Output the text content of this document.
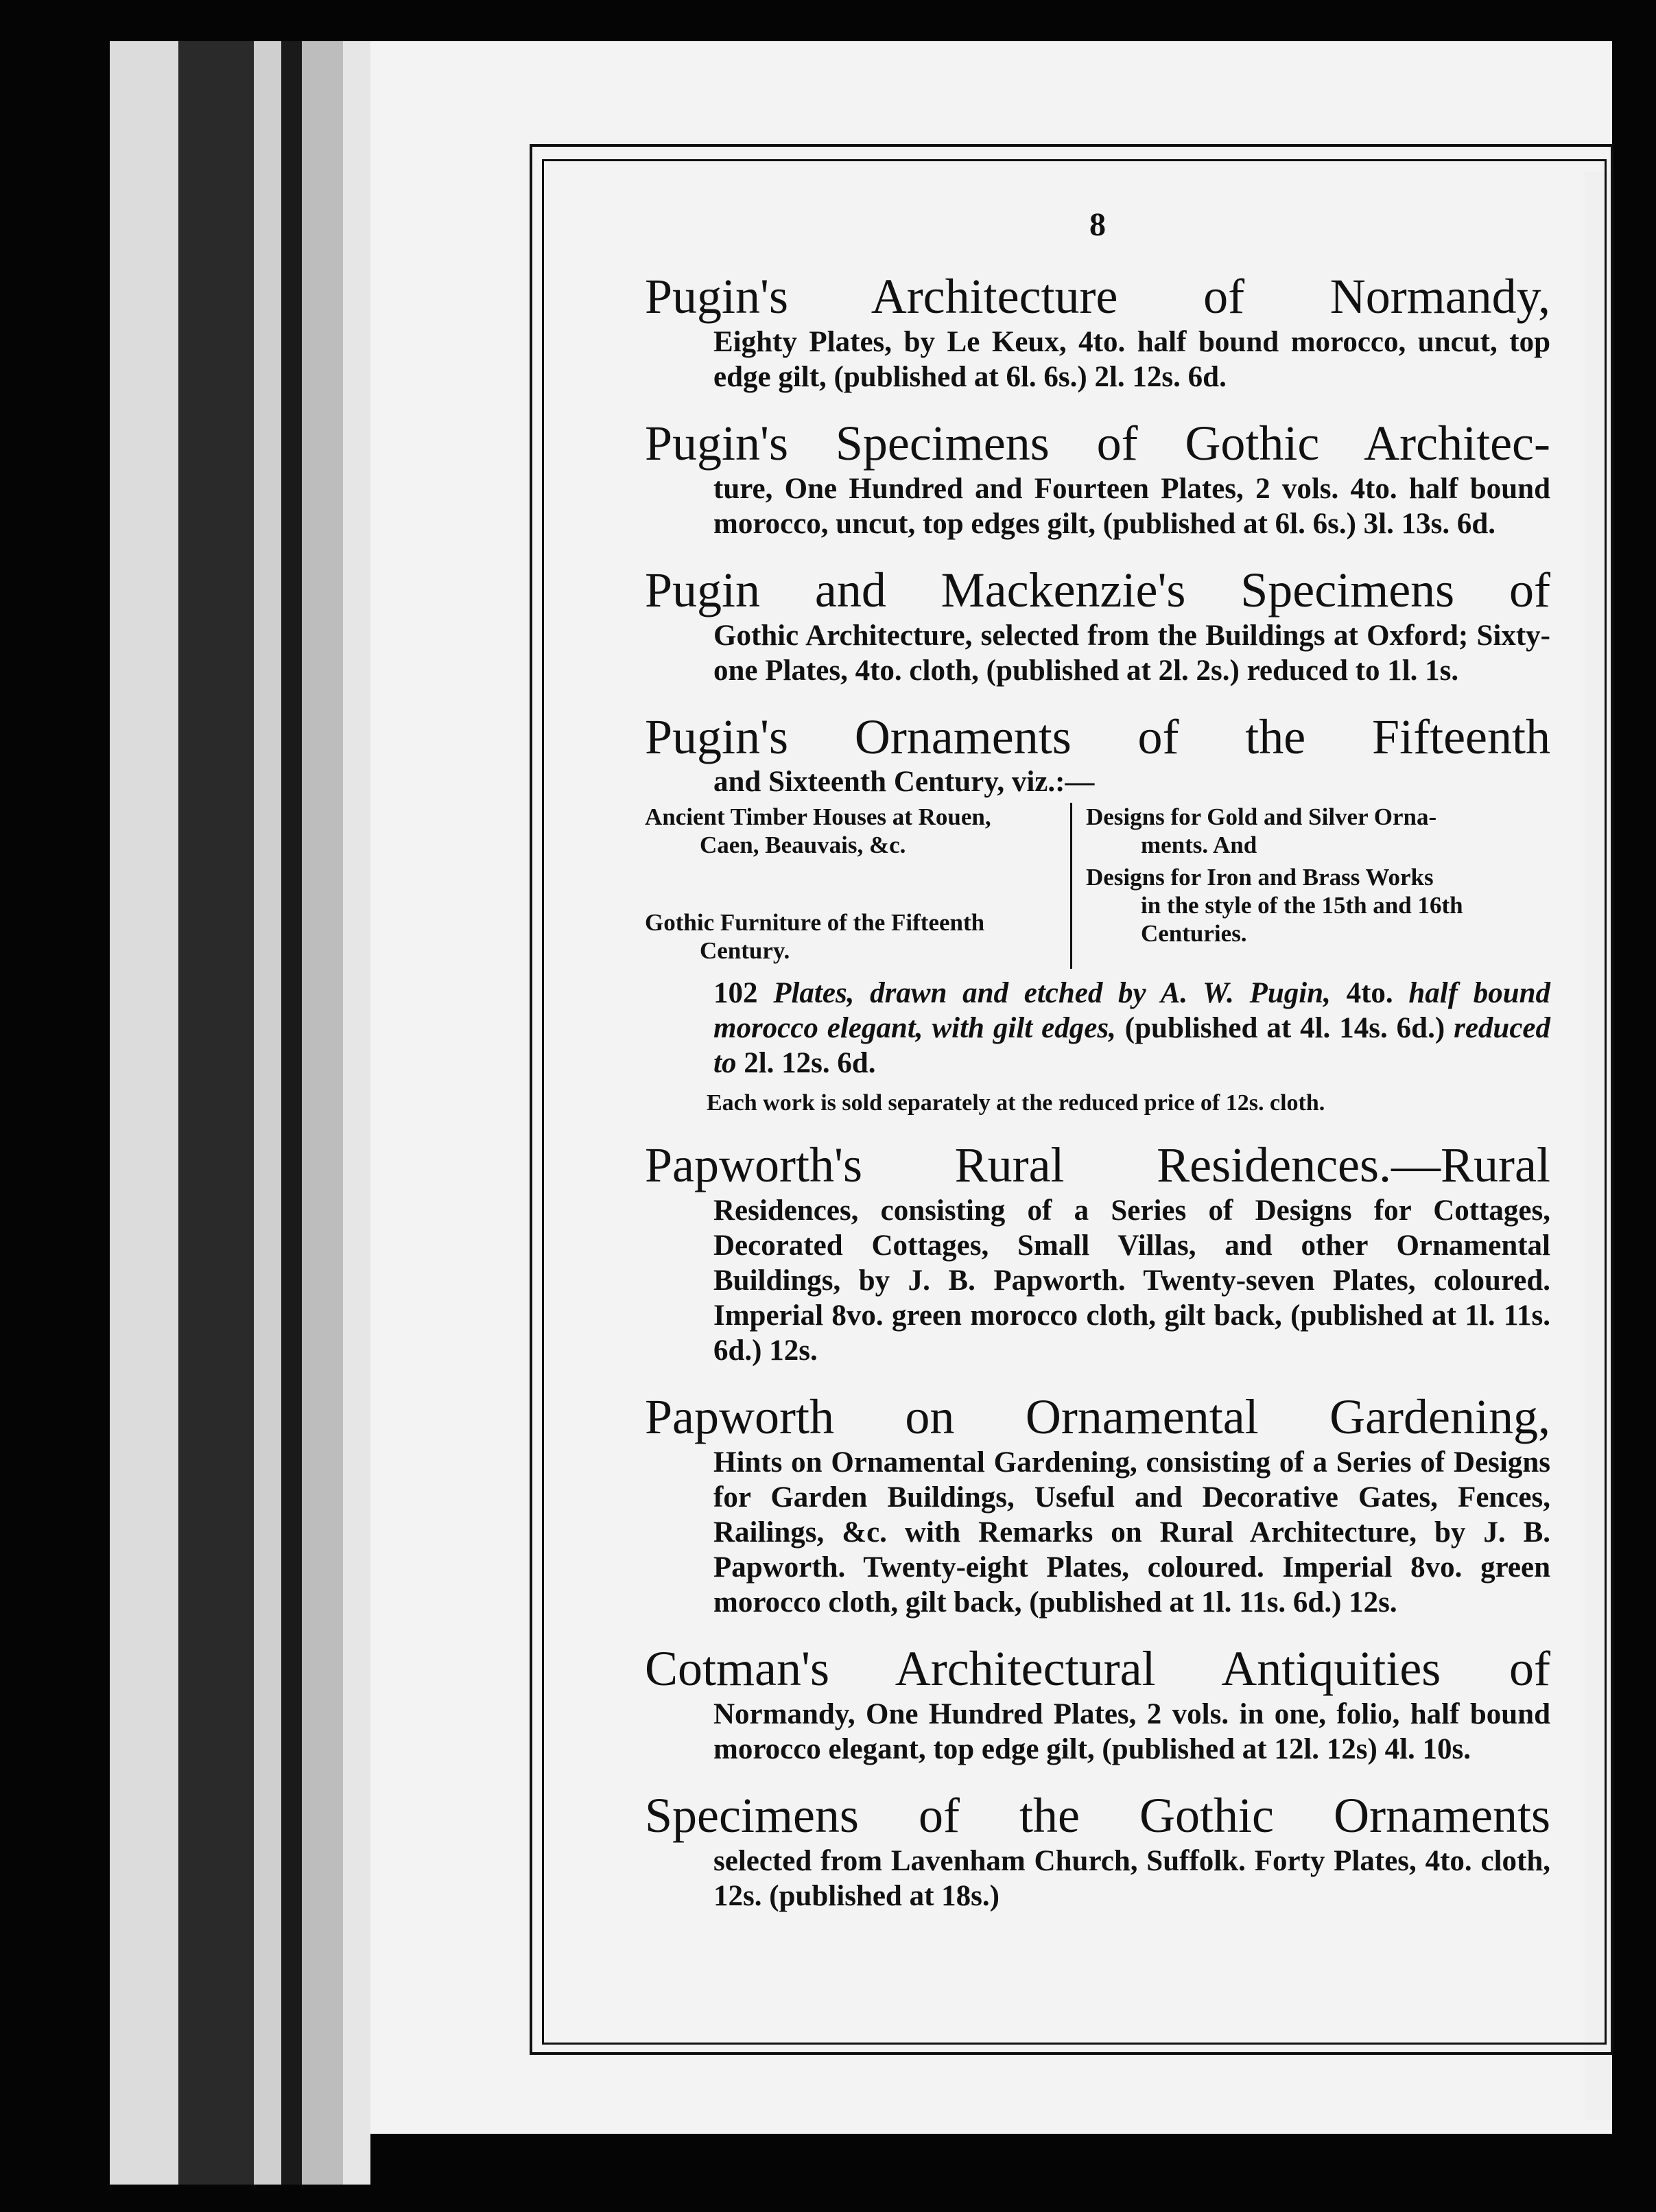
8

Pugin's Architecture of Normandy,

Eighty Plates, by Le Keux, 4to. half bound morocco, uncut, top edge gilt, (published at 6l. 6s.) 2l. 12s. 6d.

Pugin's Specimens of Gothic Architec-

ture, One Hundred and Fourteen Plates, 2 vols. 4to. half bound morocco, uncut, top edges gilt, (published at 6l. 6s.) 3l. 13s. 6d.

Pugin and Mackenzie's Specimens of

Gothic Architecture, selected from the Buildings at Oxford; Sixty-one Plates, 4to. cloth, (published at 2l. 2s.) reduced to 1l. 1s.

Pugin's Ornaments of the Fifteenth

and Sixteenth Century, viz.:—

Ancient Timber Houses at Rouen,
Caen, Beauvais, &c.
Gothic Furniture of the Fifteenth
Century.
Designs for Gold and Silver Orna-
ments. And
Designs for Iron and Brass Works
in the style of the 15th and 16th Centuries.

102 Plates, drawn and etched by A. W. Pugin, 4to. half bound morocco elegant, with gilt edges, (published at 4l. 14s. 6d.) reduced to 2l. 12s. 6d.

Each work is sold separately at the reduced price of 12s. cloth.

Papworth's Rural Residences.—Rural

Residences, consisting of a Series of Designs for Cottages, Decorated Cottages, Small Villas, and other Ornamental Buildings, by J. B. Papworth. Twenty-seven Plates, coloured. Imperial 8vo. green morocco cloth, gilt back, (published at 1l. 11s. 6d.) 12s.

Papworth on Ornamental Gardening,

Hints on Ornamental Gardening, consisting of a Series of Designs for Garden Buildings, Useful and Decorative Gates, Fences, Railings, &c. with Remarks on Rural Architecture, by J. B. Papworth. Twenty-eight Plates, coloured. Imperial 8vo. green morocco cloth, gilt back, (published at 1l. 11s. 6d.) 12s.

Cotman's Architectural Antiquities of

Normandy, One Hundred Plates, 2 vols. in one, folio, half bound morocco elegant, top edge gilt, (published at 12l. 12s) 4l. 10s.

Specimens of the Gothic Ornaments

selected from Lavenham Church, Suffolk. Forty Plates, 4to. cloth, 12s. (published at 18s.)
